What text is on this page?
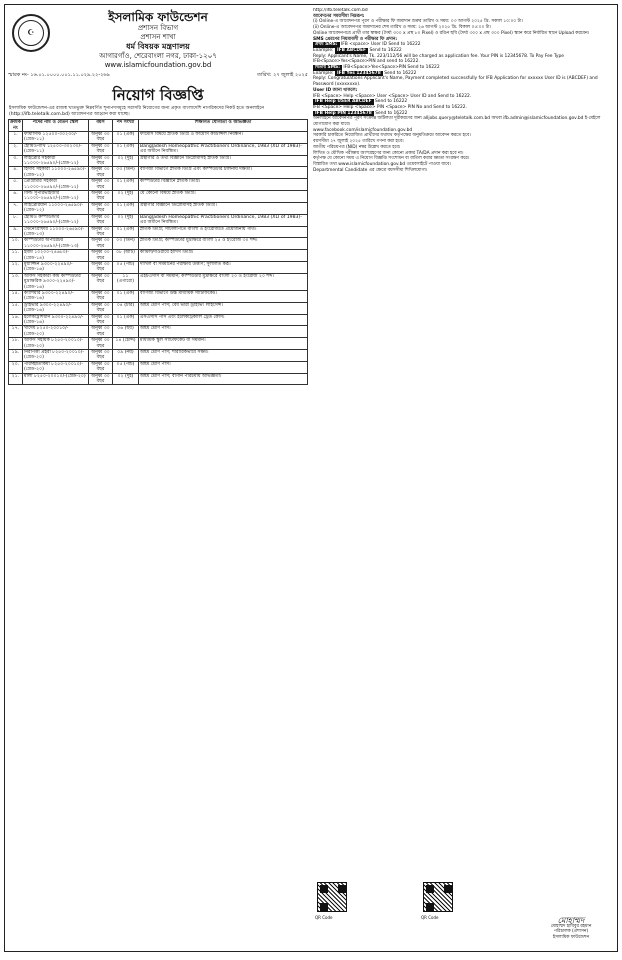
☪
ইসলামিক ফাউন্ডেশন
প্রশাসন বিভাগ
প্রশাসন শাখা
ধর্ম বিষয়ক মন্ত্রণালয়
আগারগাঁও, শেরেবাংলা নগর, ঢাকা-১২০৭
www.islamicfoundation.gov.bd
স্মারক নং- ১৬.০১.০০০০.০০১.১১.০২৯.২২-২৬৯	তারিখ: ২৭ জুলাই ২০২৫
নিয়োগ বিজ্ঞপ্তি
ইসলামিক ফাউন্ডেশন-এর রাজস্ব খাতভুক্ত নিম্নবর্ণিত শূন্যপদসমূহে সরাসরি নিয়োগের জন্য প্রকৃত বাংলাদেশি নাগরিকদের নিকট হতে অনলাইনে (http://ifb.teletalk.com.bd) আবেদনপত্র আহ্বান করা যাচ্ছে।
ক্রমিক নং	পদের নাম ও বেতন স্কেল	বয়স	পদ সংখ্যা	শিক্ষাগত যোগ্যতা ও অভিজ্ঞতা
১.	ফার্মাসিস্ট ১২৫০০-৩০২৩০/-(গ্রেড-১১)	অনূর্ধ্ব ৩০ বছর	০১ (এক)	ফার্মেসি বিষয়ে স্নাতক ডিগ্রি ও ফার্মেসি কাউন্সিল নিবন্ধন।
২.	হোমিওপ্যাথ ১২৫০০-৩০২৩০/-(গ্রেড-১১)	অনূর্ধ্ব ৩০ বছর	০১ (এক)	Bangladesh Homeopathic Practitioners Ordinance, 1983 (XLI of 1983)-এর অধীনে নিবন্ধিত।
৩.	লাইব্রেরি সহকারী ১১০০০-২৬৫৯০/-(গ্রেড-১২)	অনূর্ধ্ব ৩০ বছর	০২ (দুই)	গ্রন্থাগার ও তথ্য বিজ্ঞানে ডিপ্লোমাসহ স্নাতক ডিগ্রি।
৪.	হিসাব সহকারী ১১০০০-২৬৫৯০/-(গ্রেড-১২)	অনূর্ধ্ব ৩০ বছর	০৩ (তিন)	বাণিজ্য বিভাগে স্নাতক ডিগ্রি এবং কম্পিউটার চালনায় দক্ষতা।
৫.	প্রোগ্রামার সহকারী ১১০০০-২৬৫৯০/-(গ্রেড-১২)	অনূর্ধ্ব ৩০ বছর	০১ (এক)	কম্পিউটার বিজ্ঞানে স্নাতক ডিগ্রি।
৬.	ফিল্ড সুপারভাইজার ১১০০০-২৬৫৯০/-(গ্রেড-১২)	অনূর্ধ্ব ৩০ বছর	০২ (দুই)	যে কোনো বিষয়ে স্নাতক ডিগ্রি।
৭.	লাইব্রেরিয়ান ১১০০০-২৬৫৯০/-(গ্রেড-১২)	অনূর্ধ্ব ৩০ বছর	০১ (এক)	গ্রন্থাগার বিজ্ঞানে ডিপ্লোমাসহ স্নাতক ডিগ্রি।
৮.	হোমিও কম্পাউন্ডার ১১০০০-২৬৫৯০/-(গ্রেড-১২)	অনূর্ধ্ব ৩০ বছর	০২ (দুই)	Bangladesh Homeopathic Practitioners Ordinance, 1983 (XLI of 1983)-এর অধীনে নিবন্ধিত।
৯.	স্টেনোগ্রাফার ১১০০০-২৬৫৯০/-(গ্রেড-১৩)	অনূর্ধ্ব ৩০ বছর	০১ (এক)	স্নাতক ডিগ্রি; সাঁটলিপিতে বাংলা ও ইংরেজিতে প্রয়োজনীয় গতি।
১০.	কম্পিউটার অপারেটর ১১০০০-২৬৫৯০/-(গ্রেড-১৩)	অনূর্ধ্ব ৩০ বছর	০৩ (তিন)	স্নাতক ডিগ্রি; কম্পিউটার মুদ্রাক্ষরে বাংলা ২৫ ও ইংরেজি ৩০ শব্দ।
১১.	ইমাম ১০২০০-২৪৬৮০/-(গ্রেড-১৪)	অনূর্ধ্ব ৩০ বছর	০৮ (আট)	কামিল/দাওরায়ে হাদিস ডিগ্রি।
১২.	মুয়াজ্জিন ৯৩০০-২২৪৯০/-(গ্রেড-১৬)	অনূর্ধ্ব ৩০ বছর	০৫ (পাঁচ)	দাখিল বা সমমানের পরীক্ষায় উত্তীর্ণ; সুললিত কণ্ঠ।
১৩.	অফিস সহকারী কাম কম্পিউটার মুদ্রাক্ষরিক ৯৩০০-২২৪৯০/-(গ্রেড-১৬)	অনূর্ধ্ব ৩০ বছর	১১ (এগারো)	এইচএসসি বা সমমান; কম্পিউটার মুদ্রাক্ষরে বাংলা ২০ ও ইংরেজি ২০ শব্দ।
১৪.	ক্যাশিয়ার ৯৩০০-২২৪৯০/-(গ্রেড-১৬)	অনূর্ধ্ব ৩০ বছর	০১ (এক)	বাণিজ্য বিভাগে উচ্চ মাধ্যমিক সার্টিফিকেট।
১৫.	ড্রাইভার ৯৩০০-২২৪৯০/-(গ্রেড-১৬)	অনূর্ধ্ব ৩০ বছর	০৪ (চার)	অষ্টম শ্রেণি পাস; বৈধ ভারী ড্রাইভিং লাইসেন্স।
১৬.	ইলেকট্রিশিয়ান ৯৩০০-২২৪৯০/-(গ্রেড-১৬)	অনূর্ধ্ব ৩০ বছর	০১ (এক)	এসএসসি পাস এবং ইলেকট্রিক্যাল ট্রেড কোর্স।
১৭.	খাদেম ৮২৫০-২০০১০/-(গ্রেড-২০)	অনূর্ধ্ব ৩০ বছর	০৬ (ছয়)	অষ্টম শ্রেণি পাস।
১৮.	অফিস সহায়ক ৮২৫০-২০০১০/-(গ্রেড-২০)	অনূর্ধ্ব ৩০ বছর	১৪ (চৌদ্দ)	মাধ্যমিক স্কুল সার্টিফিকেট বা সমমান।
১৯.	নিরাপত্তা প্রহরী ৮২৫০-২০০১০/-(গ্রেড-২০)	অনূর্ধ্ব ৩০ বছর	০৯ (নয়)	অষ্টম শ্রেণি পাস; শারীরিকভাবে সক্ষম।
২০.	পরিচ্ছন্নতাকর্মী ৮২৫০-২০০১০/-(গ্রেড-২০)	অনূর্ধ্ব ৩০ বছর	০৫ (পাঁচ)	অষ্টম শ্রেণি পাস।
২১.	মালী ৮২৫০-২০০১০/-(গ্রেড-২০)	অনূর্ধ্ব ৩০ বছর	০২ (দুই)	অষ্টম শ্রেণি পাস; বাগান পরিচর্যায় অভিজ্ঞতা।

http://ifb.teletalk.com.bd

আবেদনের সময়সীমা নিম্নরূপ:

(i) Online-এ আবেদনপত্র পূরণ ও পরীক্ষার ফি জমাদান শুরুর তারিখ ও সময়: ০৩ আগস্ট ২০২৫ খ্রি. সকাল ১০:০০ টা।

(ii) Online-এ আবেদনপত্র জমাদানের শেষ তারিখ ও সময়: ২৬ আগস্ট ২০২৫ খ্রি. বিকাল ০৫:০০ টা।

Online আবেদনপত্রে প্রার্থী তার স্বাক্ষর (দৈর্ঘ্য ৩০০ x প্রস্থ ৮০ Pixel) ও রঙিন ছবি (দৈর্ঘ্য ৩০০ x প্রস্থ ৩০০ Pixel) স্ক্যান করে নির্ধারিত স্থানে Upload করবেন।

SMS প্রেরণের নিয়মাবলী ও পরীক্ষার ফি প্রদান:

প্রথম SMS: IFB <space> User ID Send to 16222

Example: IFB ABCDEF Send to 16222

Reply: Applicant's Name, Tk. 223/112/56 will be charged as application fee. Your PIN is 12345678. To Pay Fee Type IFB<Space>Yes<Space>PIN and send to 16222.

দ্বিতীয় SMS: IFB<Space>Yes<Space>PIN Send to 16222

Example: IFB Yes 12345678 Send to 16222

Reply: Congratulations Applicant's Name, Payment completed successfully for IFB Application for xxxxxx User ID is (ABCDEF) and Password (xxxxxxxx).

User ID জানা থাকলে:

IFB <Space> Help <Space> User <Space> User ID and Send to 16222.

IFB Help USER ABCDEF Send to 16222

IFB <Space> Help <Space> PIN <Space> PIN No and Send to 16222.

IFB Help PIN 12345678 Send to 16222

অনলাইনে আবেদনপত্র পূরণ সংক্রান্ত জটিলতা দূরীকরণের জন্য alljobs.query@teletalk.com.bd অথবা ifb.admin@islamicfoundation.gov.bd ই-মেইলে যোগাযোগ করা যাবে।

www.facebook.com/islamicfoundation.gov.bd

সরকারি চাকরিতে নিয়োজিত প্রার্থীদের যথাযথ কর্তৃপক্ষের অনুমতিক্রমে আবেদন করতে হবে।

বয়সসীমা ২৭ জুলাই ২০২৫ তারিখে গণনা করা হবে।

জাতীয় পরিচয়পত্র (NID) নম্বর উল্লেখ করতে হবে।

লিখিত ও মৌখিক পরীক্ষায় অংশগ্রহণের জন্য কোনো প্রকার TA/DA প্রদান করা হবে না।

কর্তৃপক্ষ যে কোনো সময় এ নিয়োগ বিজ্ঞপ্তি সংশোধন বা বাতিল করার ক্ষমতা সংরক্ষণ করে।

বিস্তারিত তথ্য www.islamicfoundation.gov.bd ওয়েবসাইটে পাওয়া যাবে।

Departmental Candidate এর ক্ষেত্রে বয়সসীমা শিথিলযোগ্য।

QR Code	QR Code	মোহাম্মদ
মোহাম্মদ হাবিবুর রহমান
পরিচালক (প্রশাসন)
ইসলামিক ফাউন্ডেশন
